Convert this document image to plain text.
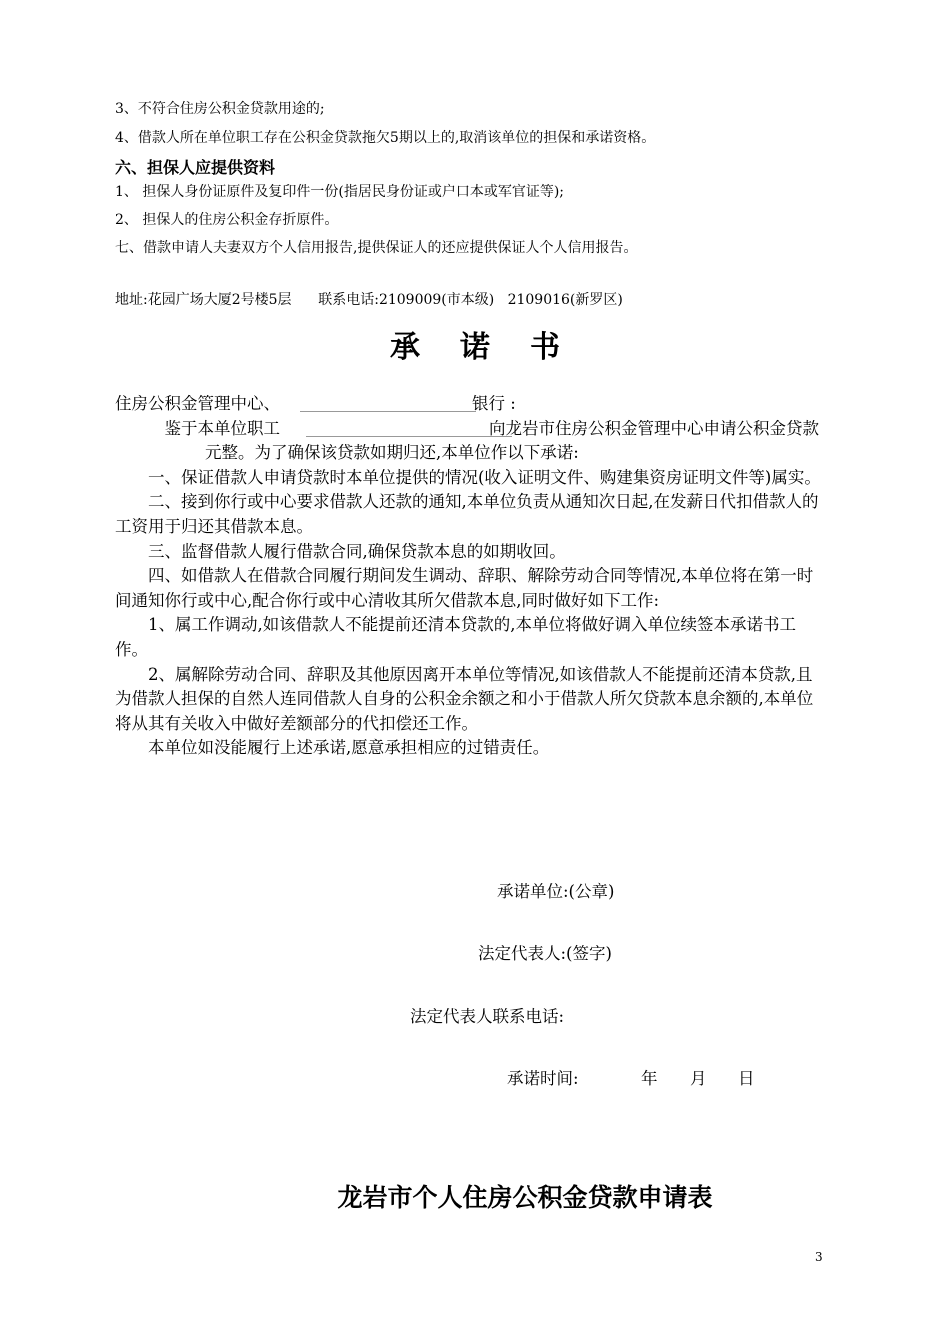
3、不符合住房公积金贷款用途的;
4、借款人所在单位职工存在公积金贷款拖欠5期以上的,取消该单位的担保和承诺资格。
六、担保人应提供资料
1、 担保人身份证原件及复印件一份(指居民身份证或户口本或军官证等);
2、 担保人的住房公积金存折原件。
七、借款申请人夫妻双方个人信用报告,提供保证人的还应提供保证人个人信用报告。
地址:花园广场大厦2号楼5层      联系电话:2109009(市本级)   2109016(新罗区)
承诺书

住房公积金管理中心、	银行 :

鉴于本单位职工	向龙岩市住房公积金管理中心申请公积金贷款元整。为了确保该贷款如期归还,本单位作以下承诺:

一、保证借款人申请贷款时本单位提供的情况(收入证明文件、购建集资房证明文件等)属实。

二、接到你行或中心要求借款人还款的通知,本单位负责从通知次日起,在发薪日代扣借款人的工资用于归还其借款本息。

三、监督借款人履行借款合同,确保贷款本息的如期收回。

四、如借款人在借款合同履行期间发生调动、辞职、解除劳动合同等情况,本单位将在第一时间通知你行或中心,配合你行或中心清收其所欠借款本息,同时做好如下工作:

1、属工作调动,如该借款人不能提前还清本贷款的,本单位将做好调入单位续签本承诺书工作。

2、属解除劳动合同、辞职及其他原因离开本单位等情况,如该借款人不能提前还清本贷款,且为借款人担保的自然人连同借款人自身的公积金余额之和小于借款人所欠贷款本息余额的,本单位将从其有关收入中做好差额部分的代扣偿还工作。

本单位如没能履行上述承诺,愿意承担相应的过错责任。

承诺单位:(公章)
法定代表人:(签字)
法定代表人联系电话:
承诺时间:	年 月 日
龙岩市个人住房公积金贷款申请表
3
